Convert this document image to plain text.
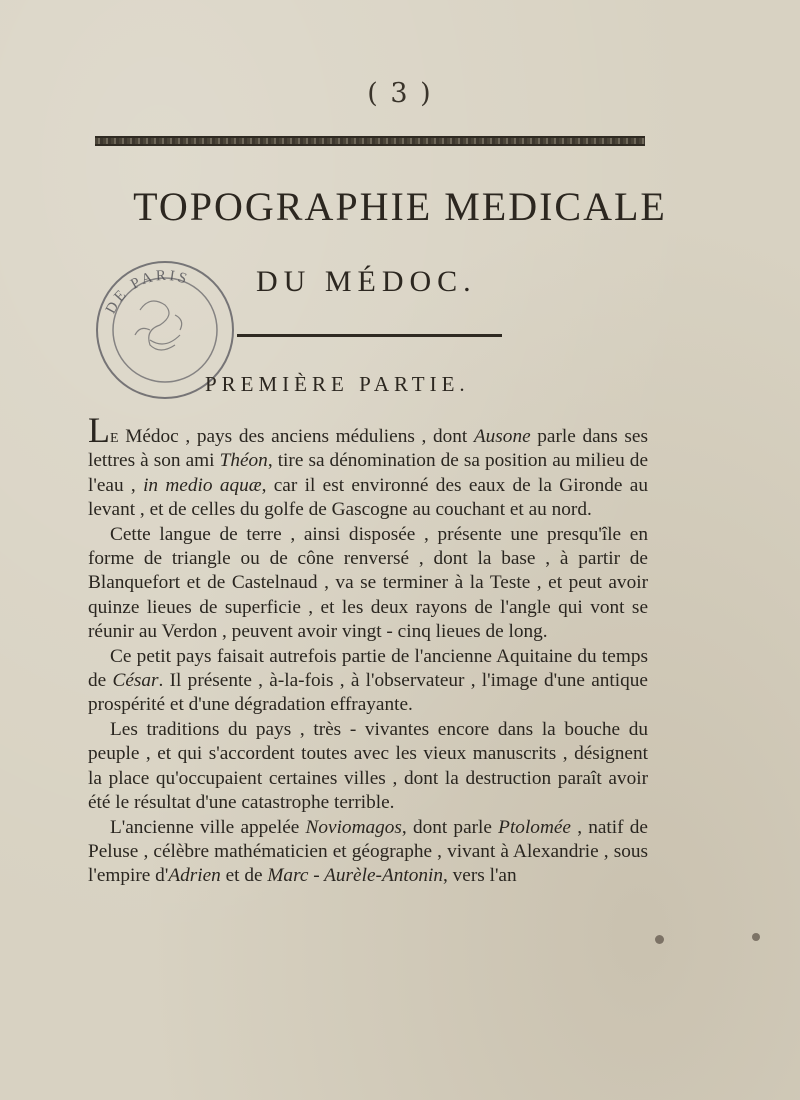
( 3 )
TOPOGRAPHIE MEDICALE
DE PARIS DU MÉDOC.
PREMIÈRE PARTIE.

Le Médoc , pays des anciens méduliens , dont Ausone parle dans ses lettres à son ami Théon, tire sa dénomination de sa position au milieu de l'eau , in medio aquæ, car il est environné des eaux de la Gironde au levant , et de celles du golfe de Gascogne au couchant et au nord.

Cette langue de terre , ainsi disposée , présente une presqu'île en forme de triangle ou de cône renversé , dont la base , à partir de Blanquefort et de Castelnaud , va se terminer à la Teste , et peut avoir quinze lieues de superficie , et les deux rayons de l'angle qui vont se réunir au Verdon , peuvent avoir vingt - cinq lieues de long.

Ce petit pays faisait autrefois partie de l'ancienne Aquitaine du temps de César. Il présente , à-la-fois , à l'observateur , l'image d'une antique prospérité et d'une dégradation effrayante.

Les traditions du pays , très - vivantes encore dans la bouche du peuple , et qui s'accordent toutes avec les vieux manuscrits , désignent la place qu'occupaient certaines villes , dont la destruction paraît avoir été le résultat d'une catastrophe terrible.

L'ancienne ville appelée Noviomagos, dont parle Ptolomée , natif de Peluse , célèbre mathématicien et géographe , vivant à Alexandrie , sous l'empire d'Adrien et de Marc - Aurèle-Antonin, vers l'an
